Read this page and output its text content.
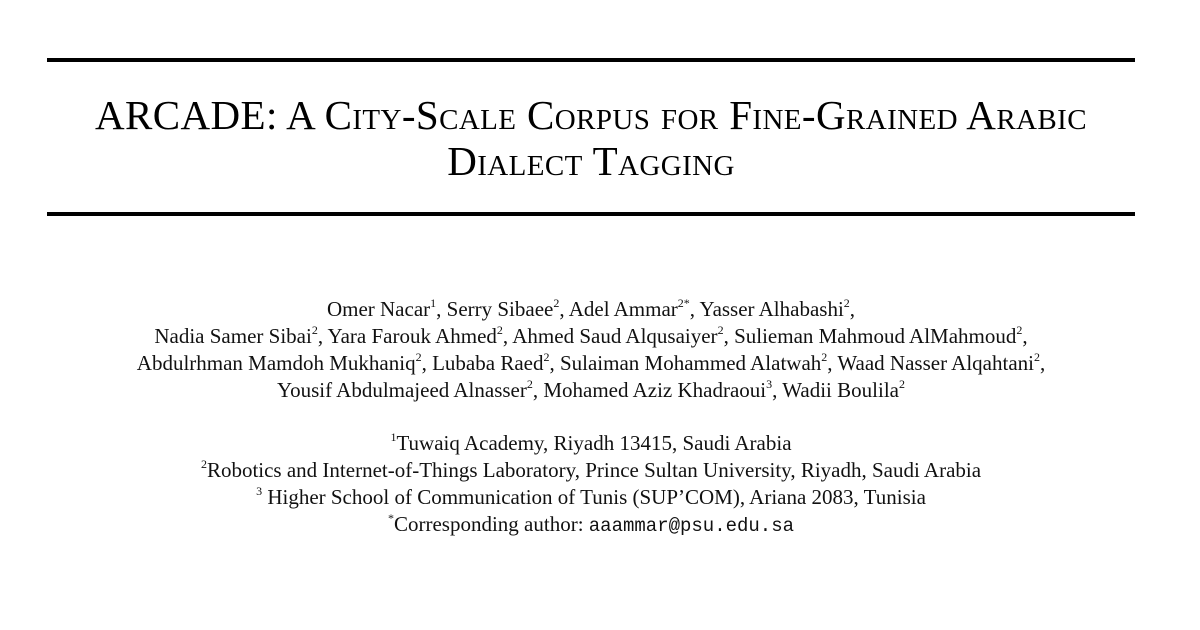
ARCADE: A City-Scale Corpus for Fine-Grained Arabic
Dialect Tagging
Omer Nacar$^1$, Serry Sibaee$^2$, Adel Ammar$^{2*}$, Yasser Alhabashi$^2$,
Nadia Samer Sibai$^2$, Yara Farouk Ahmed$^2$, Ahmed Saud Alqusaiyer$^2$, Sulieman Mahmoud AlMahmoud$^2$,
Abdulrhman Mamdoh Mukhaniq$^2$, Lubaba Raed$^2$, Sulaiman Mohammed Alatwah$^2$, Waad Nasser Alqahtani$^2$,
Yousif Abdulmajeed Alnasser$^2$, Mohamed Aziz Khadraoui$^3$, Wadii Boulila$^2$
$^1$Tuwaiq Academy, Riyadh 13415, Saudi Arabia
$^2$Robotics and Internet-of-Things Laboratory, Prince Sultan University, Riyadh, Saudi Arabia
$^3$ Higher School of Communication of Tunis (SUP’COM), Ariana 2083, Tunisia
*Corresponding author: aaammar@psu.edu.sa
